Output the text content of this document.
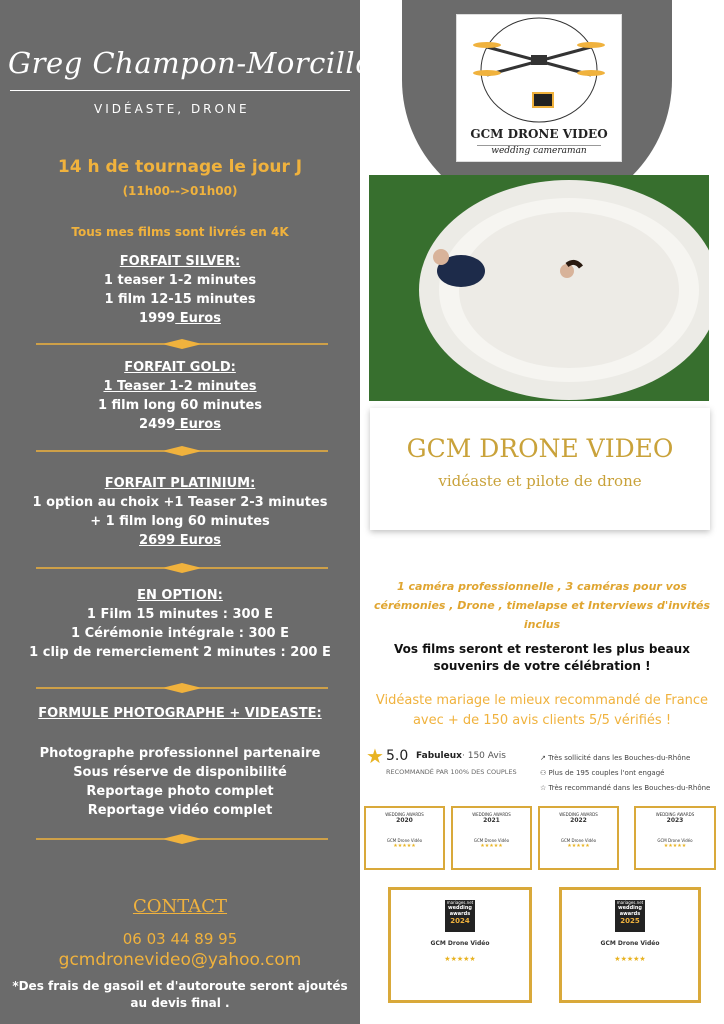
Greg Champon-Morcillo
VIDÉASTE, DRONE
14 h de tournage le jour J
(11h00-->01h00)
Tous mes films sont livrés en 4K
FORFAIT SILVER:
1 teaser 1-2 minutes
1 film 12-15 minutes
1999 Euros
FORFAIT GOLD:
1 Teaser 1-2 minutes
1 film long 60 minutes
2499 Euros
FORFAIT PLATINIUM:
1 option au choix +1 Teaser 2-3 minutes
+ 1 film long 60 minutes
2699 Euros
EN OPTION:
1 Film 15 minutes : 300 E
1 Cérémonie intégrale : 300 E
1 clip de remerciement 2 minutes : 200 E
FORMULE PHOTOGRAPHE + VIDEASTE:
Photographe professionnel partenaire
Sous réserve de disponibilité
Reportage photo complet
Reportage vidéo complet
CONTACT
06 03 44 89 95
gcmdronevideo@yahoo.com
*Des frais de gasoil et d'autoroute seront ajoutés au devis final .
GCM DRONE VIDEO
wedding cameraman
GCM DRONE VIDEO
vidéaste et pilote de drone
1 caméra professionnelle , 3 caméras pour vos cérémonies , Drone , timelapse et Interviews d'invités inclus
Vos films seront et resteront les plus beaux souvenirs de votre célébration !
Vidéaste mariage le mieux recommandé de France avec + de 150 avis clients 5/5 vérifiés !
★ 5.0 Fabuleux · 150 Avis
RECOMMANDÉ PAR 100% DES COUPLES
↗ Très sollicité dans les Bouches-du-Rhône
⚇ Plus de 195 couples l'ont engagé
☆ Très recommandé dans les Bouches-du-Rhône
WEDDING AWARDS
2020
GCM Drone Vidéo
★★★★★
WEDDING AWARDS
2021
GCM Drone Vidéo
★★★★★
WEDDING AWARDS
2022
GCM Drone Vidéo
★★★★★
WEDDING AWARDS
2023
GCM Drone Vidéo
★★★★★
mariages.net
wedding awards
2024
GCM Drone Vidéo
★★★★★
mariages.net
wedding awards
2025
GCM Drone Vidéo
★★★★★
